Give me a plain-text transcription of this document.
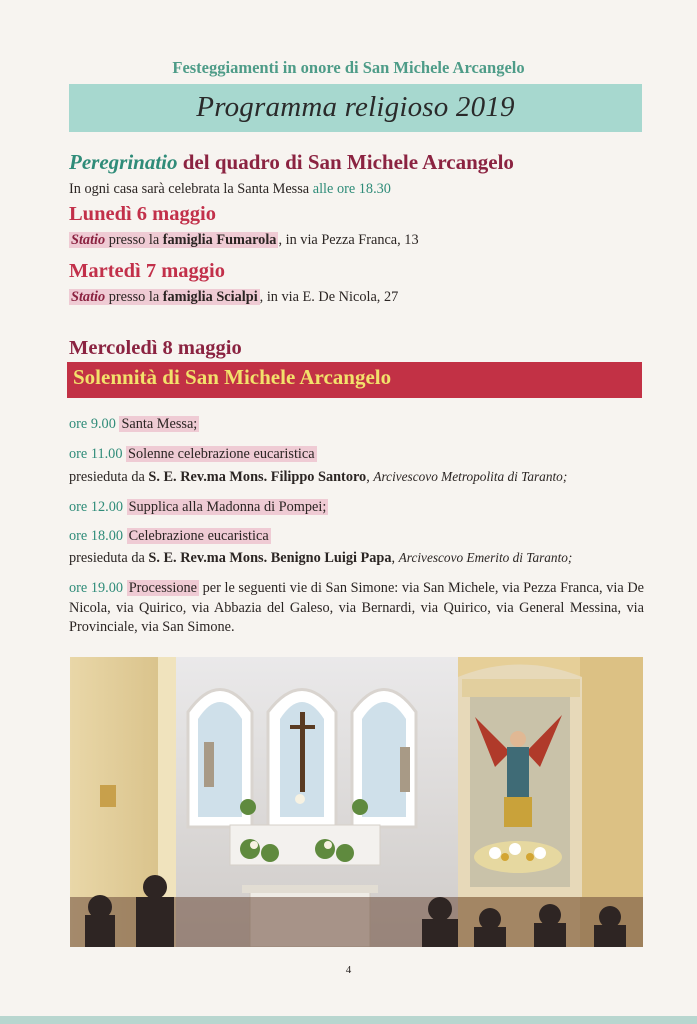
Festeggiamenti in onore di San Michele Arcangelo
Programma religioso 2019
Peregrinatio del quadro di San Michele Arcangelo
In ogni casa sarà celebrata la Santa Messa alle ore 18.30
Lunedì 6 maggio
Statio presso la famiglia Fumarola , in via Pezza Franca, 13
Martedì 7 maggio
Statio presso la famiglia Scialpi , in via E. De Nicola, 27
Mercoledì 8 maggio
Solennità di San Michele Arcangelo
ore 9.00 Santa Messa;
ore 11.00 Solenne celebrazione eucaristica
presieduta da S. E. Rev.ma Mons. Filippo Santoro, Arcivescovo Metropolita di Taranto;
ore 12.00 Supplica alla Madonna di Pompei;
ore 18.00 Celebrazione eucaristica
presieduta da S. E. Rev.ma Mons. Benigno Luigi Papa, Arcivescovo Emerito di Taranto;
ore 19.00 Processione per le seguenti vie di San Simone: via San Michele, via Pezza Franca, via De Nicola, via Quirico, via Abbazia del Galeso, via Bernardi, via Quirico, via General Messina, via Provinciale, via San Simone.
4
